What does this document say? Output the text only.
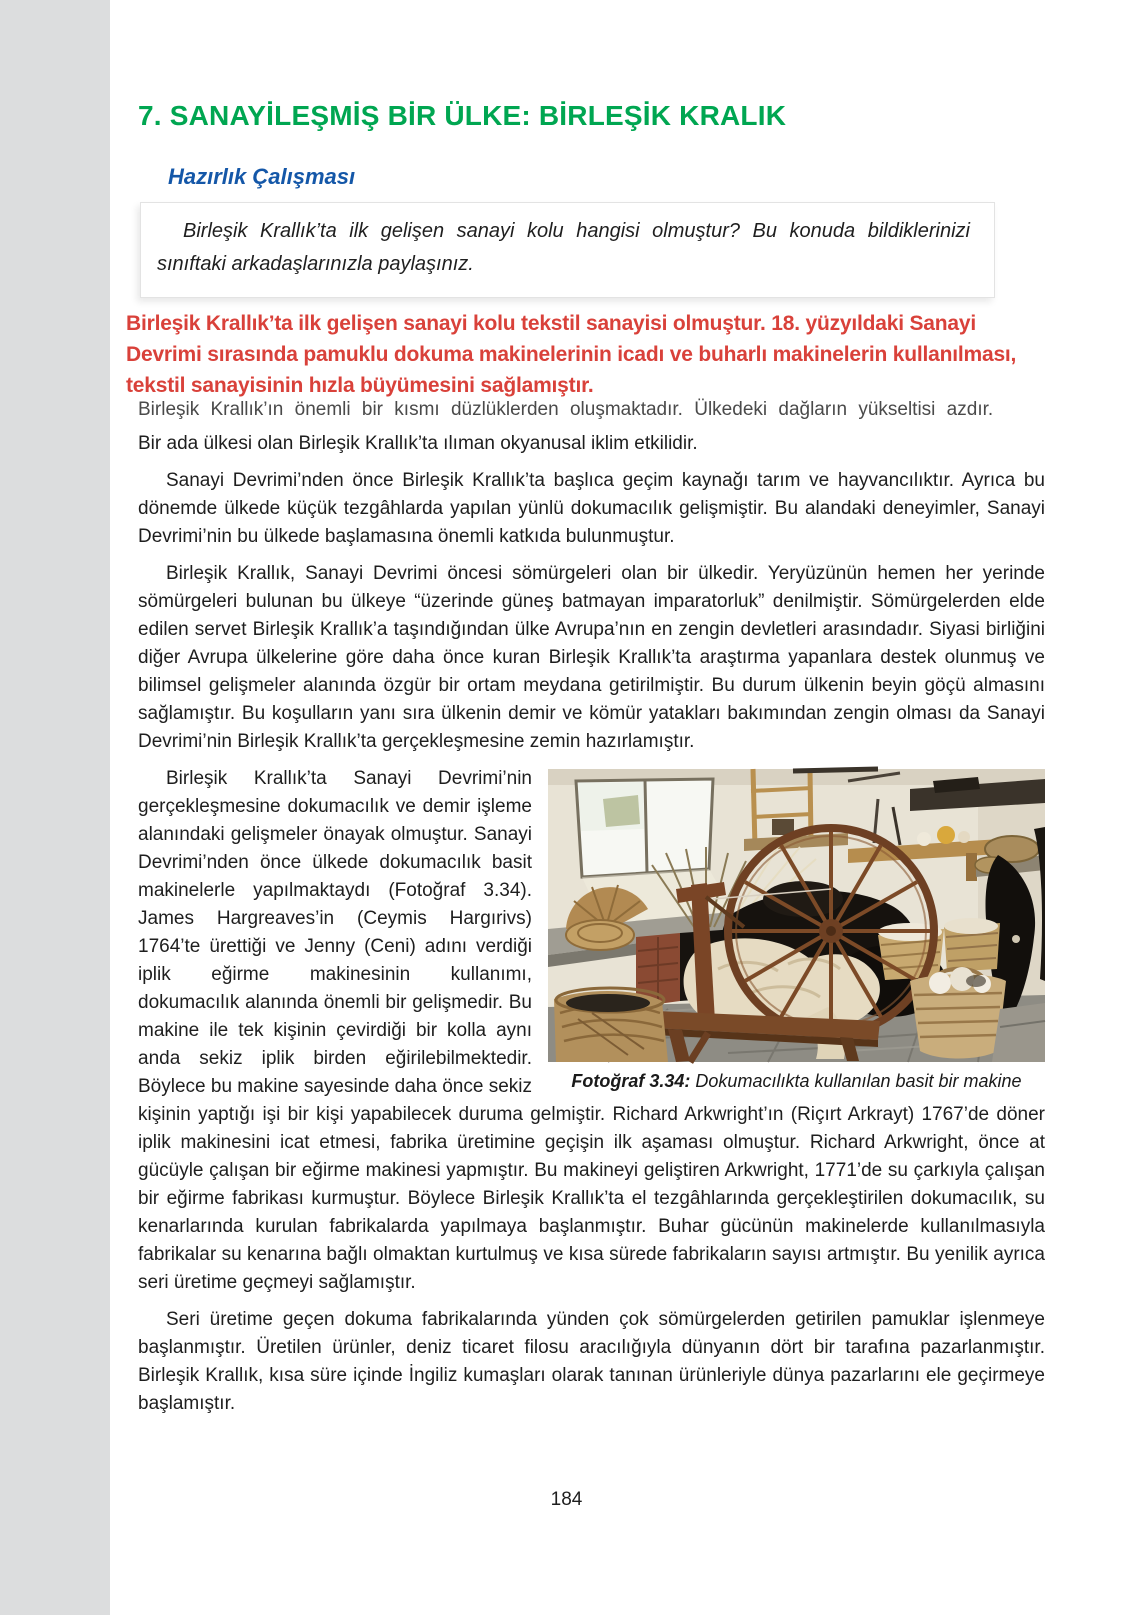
7. SANAYİLEŞMİŞ BİR ÜLKE: BİRLEŞİK KRALIK
Hazırlık Çalışması

Birleşik Krallık’ta ilk gelişen sanayi kolu hangisi olmuştur? Bu konuda bildiklerinizi sınıftaki arkadaşlarınızla paylaşınız.

Birleşik Krallık’ta ilk gelişen sanayi kolu tekstil sanayisi olmuştur. 18. yüzyıldaki Sanayi
Devrimi sırasında pamuklu dokuma makinelerinin icadı ve buharlı makinelerin kullanılması,
tekstil sanayisinin hızla büyümesini sağlamıştır.
Birleşik Krallık’ın önemli bir kısmı düzlüklerden oluşmaktadır. Ülkedeki dağların yükseltisi azdır.

Bir ada ülkesi olan Birleşik Krallık’ta ılıman okyanusal iklim etkilidir.

Sanayi Devrimi’nden önce Birleşik Krallık’ta başlıca geçim kaynağı tarım ve hayvancılıktır. Ayrıca bu dönemde ülkede küçük tezgâhlarda yapılan yünlü dokumacılık gelişmiştir. Bu alandaki deneyimler, Sanayi Devrimi’nin bu ülkede başlamasına önemli katkıda bulunmuştur.

Birleşik Krallık, Sanayi Devrimi öncesi sömürgeleri olan bir ülkedir. Yeryüzünün hemen her yerinde sömürgeleri bulunan bu ülkeye “üzerinde güneş batmayan imparatorluk” denilmiştir. Sömürgelerden elde edilen servet Birleşik Krallık’a taşındığından ülke Avrupa’nın en zengin devletleri arasındadır. Siyasi birliğini diğer Avrupa ülkelerine göre daha önce kuran Birleşik Krallık’ta araştırma yapanlara destek olunmuş ve bilimsel gelişmeler alanında özgür bir ortam meydana getirilmiştir. Bu durum ülkenin beyin göçü almasını sağlamıştır. Bu koşulların yanı sıra ülkenin demir ve kömür yatakları bakımından zengin olması da Sanayi Devrimi’nin Birleşik Krallık’ta gerçekleşmesine zemin hazırlamıştır.

Fotoğraf 3.34: Dokumacılıkta kullanılan basit bir makine

Birleşik Krallık’ta Sanayi Devrimi’nin gerçekleşmesine dokumacılık ve demir işleme alanındaki gelişmeler önayak olmuştur. Sanayi Devrimi’nden önce ülkede dokumacılık basit makinelerle yapılmaktaydı (Fotoğraf 3.34). James Hargreaves’in (Ceymis Hargırivs) 1764’te ürettiği ve Jenny (Ceni) adını verdiği iplik eğirme makinesinin kullanımı, dokumacılık alanında önemli bir gelişmedir. Bu makine ile tek kişinin çevirdiği bir kolla aynı anda sekiz iplik birden eğirilebilmektedir. Böylece bu makine sayesinde daha önce sekiz kişinin yaptığı işi bir kişi yapabilecek duruma gelmiştir. Richard Arkwright’ın (Riçırt Arkrayt) 1767’de döner iplik makinesini icat etmesi, fabrika üretimine geçişin ilk aşaması olmuştur. Richard Arkwright, önce at gücüyle çalışan bir eğirme makinesi yapmıştır. Bu makineyi geliştiren Arkwright, 1771’de su çarkıyla çalışan bir eğirme fabrikası kurmuştur. Böylece Birleşik Krallık’ta el tezgâhlarında gerçekleştirilen dokumacılık, su kenarlarında kurulan fabrikalarda yapılmaya başlanmıştır. Buhar gücünün makinelerde kullanılmasıyla fabrikalar su kenarına bağlı olmaktan kurtulmuş ve kısa sürede fabrikaların sayısı artmıştır. Bu yenilik ayrıca seri üretime geçmeyi sağlamıştır.

Seri üretime geçen dokuma fabrikalarında yünden çok sömürgelerden getirilen pamuklar işlenmeye başlanmıştır. Üretilen ürünler, deniz ticaret filosu aracılığıyla dünyanın dört bir tarafına pazarlanmıştır. Birleşik Krallık, kısa süre içinde İngiliz kumaşları olarak tanınan ürünleriyle dünya pazarlarını ele geçirmeye başlamıştır.

184
